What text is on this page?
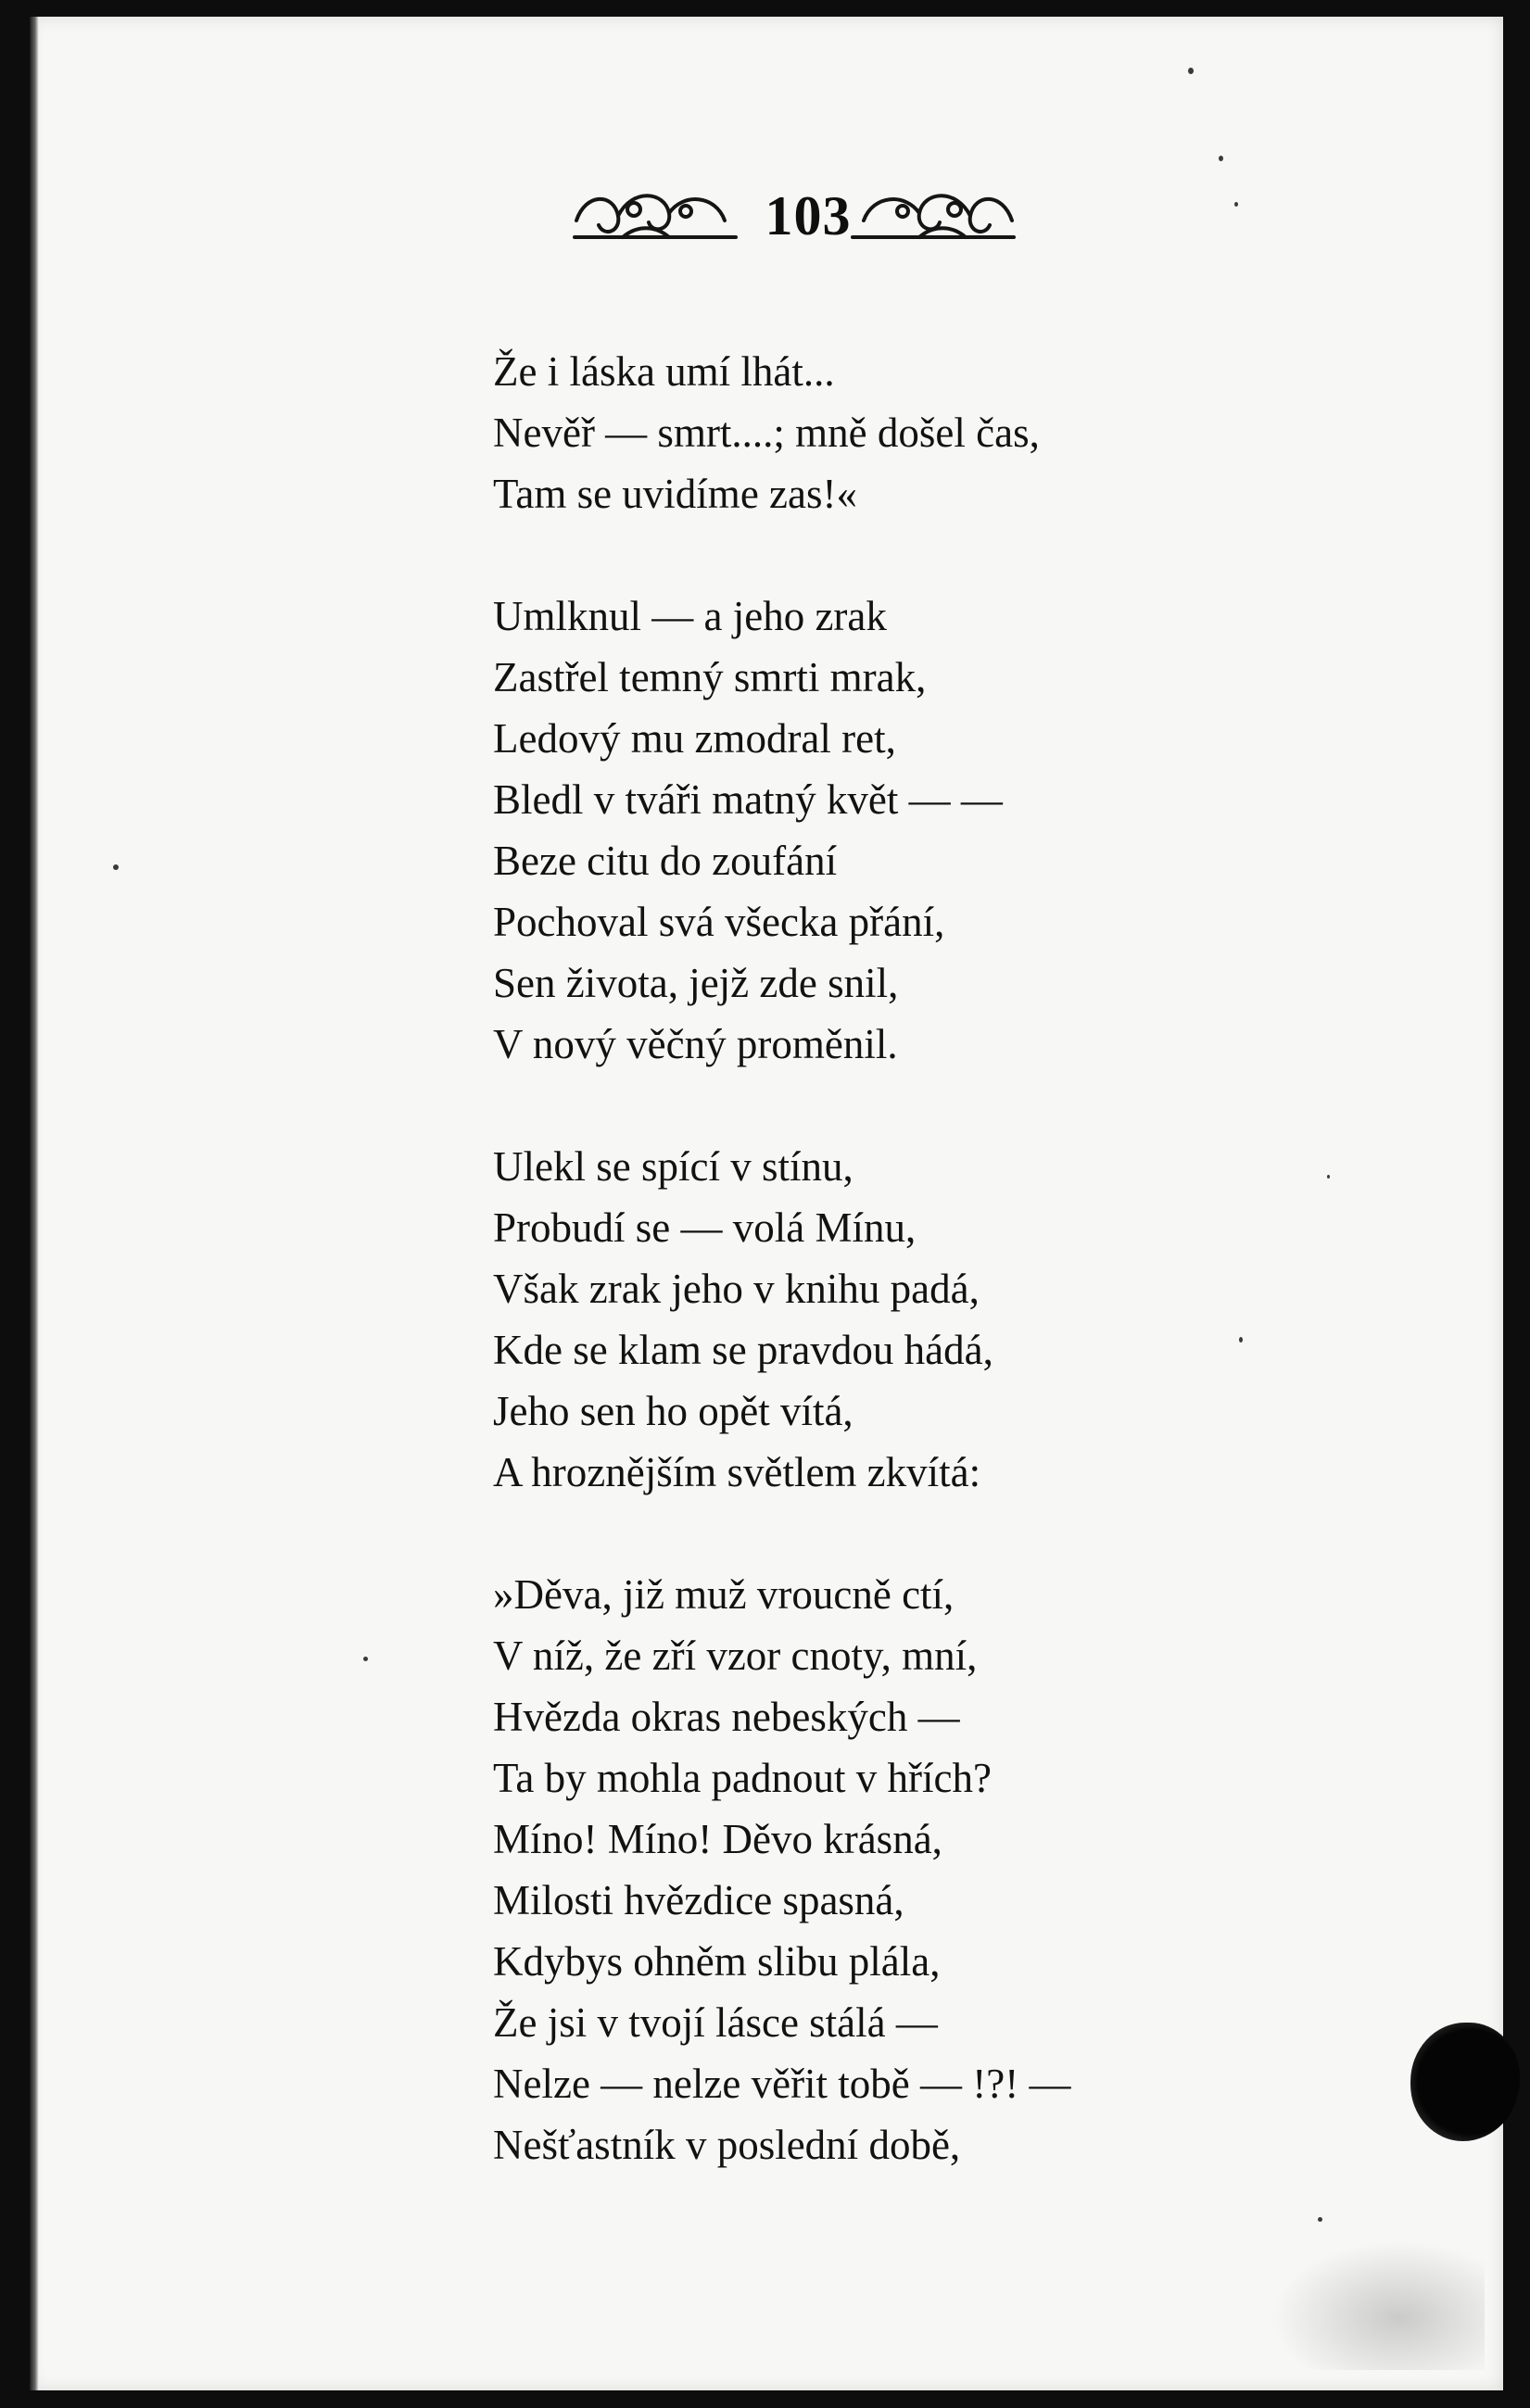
103
Že i láska umí lhát...
Nevěř — smrt....; mně došel čas,
Tam se uvidíme zas!«
Umlknul — a jeho zrak
Zastřel temný smrti mrak,
Ledový mu zmodral ret,
Bledl v tváři matný květ — —
Beze citu do zoufání
Pochoval svá všecka přání,
Sen života, jejž zde snil,
V nový věčný proměnil.
Ulekl se spící v stínu,
Probudí se — volá Mínu,
Však zrak jeho v knihu padá,
Kde se klam se pravdou hádá,
Jeho sen ho opět vítá,
A hroznějším světlem zkvítá:
»Děva, již muž vroucně ctí,
V níž, že zří vzor cnoty, mní,
Hvězda okras nebeských —
Ta by mohla padnout v hřích?
Míno! Míno! Děvo krásná,
Milosti hvězdice spasná,
Kdybys ohněm slibu plála,
Že jsi v tvojí lásce stálá —
Nelze — nelze věřit tobě — !?! —
Nešťastník v poslední době,
